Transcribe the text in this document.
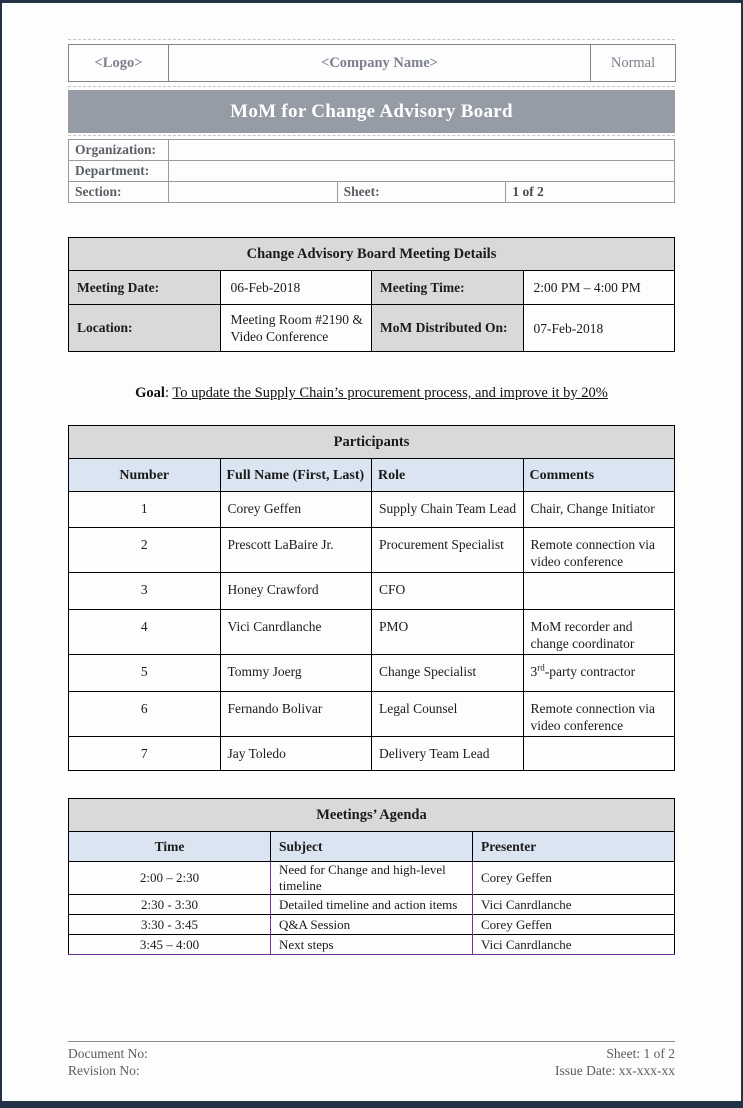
<Logo>	<Company Name>	Normal
MoM for Change Advisory Board
Organization:			
Department:			
Section:		Sheet:	1 of 2
Change Advisory Board Meeting Details			
Meeting Date:	06-Feb-2018	Meeting Time:	2:00 PM – 4:00 PM
Location:	Meeting Room #2190 & Video Conference	MoM Distributed On:	07-Feb-2018
Goal: To update the Supply Chain’s procurement process, and improve it by 20%
Participants			
Number	Full Name (First, Last)	Role	Comments
1	Corey Geffen	Supply Chain Team Lead	Chair, Change Initiator
2	Prescott LaBaire Jr.	Procurement Specialist	Remote connection via video conference
3	Honey Crawford	CFO	
4	Vici Canrdlanche	PMO	MoM recorder and change coordinator
5	Tommy Joerg	Change Specialist	3rd-party contractor
6	Fernando Bolivar	Legal Counsel	Remote connection via video conference
7	Jay Toledo	Delivery Team Lead	
Meetings’ Agenda		
Time	Subject	Presenter
2:00 – 2:30	Need for Change and high-level timeline	Corey Geffen
2:30 - 3:30	Detailed timeline and action items	Vici Canrdlanche
3:30 - 3:45	Q&A Session	Corey Geffen
3:45 – 4:00	Next steps	Vici Canrdlanche
Document No:
Revision No:
Sheet: 1 of 2
Issue Date: xx-xxx-xx
